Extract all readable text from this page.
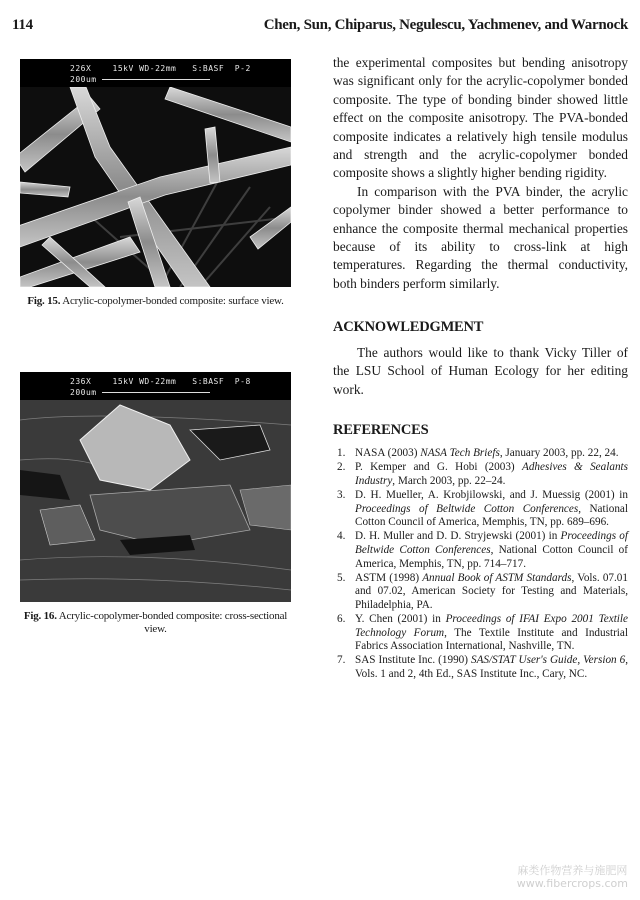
114	Chen, Sun, Chiparus, Negulescu, Yachmenev, and Warnock
226X    15kV WD-22mm   S:BASF  P-2
200um
Fig. 15. Acrylic-copolymer-bonded composite: surface view.
236X    15kV WD-22mm   S:BASF  P-8
200um
Fig. 16. Acrylic-copolymer-bonded composite: cross-sectional view.

the experimental composites but bending anisotropy was significant only for the acrylic-copolymer bonded composite. The type of bonding binder showed little effect on the composite anisotropy. The PVA-bonded composite indicates a relatively high tensile modulus and strength and the acrylic-copolymer bonded composite shows a slightly higher bending rigidity.

In comparison with the PVA binder, the acrylic copolymer binder showed a better performance to enhance the composite thermal mechanical properties because of its ability to cross-link at high temperatures. Regarding the thermal conductivity, both binders perform similarly.

ACKNOWLEDGMENT

The authors would like to thank Vicky Tiller of the LSU School of Human Ecology for her editing work.

REFERENCES
1. NASA (2003) NASA Tech Briefs, January 2003, pp. 22, 24.
2. P. Kemper and G. Hobi (2003) Adhesives & Sealants Industry, March 2003, pp. 22–24.
3. D. H. Mueller, A. Krobjilowski, and J. Muessig (2001) in Proceedings of Beltwide Cotton Conferences, National Cotton Council of America, Memphis, TN, pp. 689–696.
4. D. H. Muller and D. D. Stryjewski (2001) in Proceedings of Beltwide Cotton Conferences, National Cotton Council of America, Memphis, TN, pp. 714–717.
5. ASTM (1998) Annual Book of ASTM Standards, Vols. 07.01 and 07.02, American Society for Testing and Materials, Philadelphia, PA.
6. Y. Chen (2001) in Proceedings of IFAI Expo 2001 Textile Technology Forum, The Textile Institute and Industrial Fabrics Association International, Nashville, TN.
7. SAS Institute Inc. (1990) SAS/STAT User's Guide, Version 6, Vols. 1 and 2, 4th Ed., SAS Institute Inc., Cary, NC.
麻类作物营养与施肥网
www.fibercrops.com
